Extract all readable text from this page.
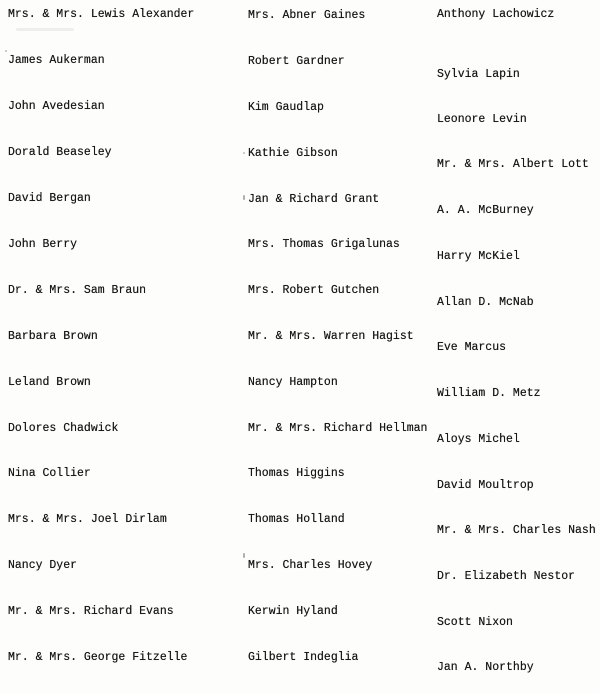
Mrs. & Mrs. Lewis Alexander
James Aukerman
John Avedesian
Dorald Beaseley
David Bergan
John Berry
Dr. & Mrs. Sam Braun
Barbara Brown
Leland Brown
Dolores Chadwick
Nina Collier
Mrs. & Mrs. Joel Dirlam
Nancy Dyer
Mr. & Mrs. Richard Evans
Mr. & Mrs. George Fitzelle
Mrs. Abner Gaines
Robert Gardner
Kim Gaudlap
Kathie Gibson
Jan & Richard Grant
Mrs. Thomas Grigalunas
Mrs. Robert Gutchen
Mr. & Mrs. Warren Hagist
Nancy Hampton
Mr. & Mrs. Richard Hellman
Thomas Higgins
Thomas Holland
Mrs. Charles Hovey
Kerwin Hyland
Gilbert Indeglia
Anthony Lachowicz
Sylvia Lapin
Leonore Levin
Mr. & Mrs. Albert Lott
A. A. McBurney
Harry McKiel
Allan D. McNab
Eve Marcus
William D. Metz
Aloys Michel
David Moultrop
Mr. & Mrs. Charles Nash
Dr. Elizabeth Nestor
Scott Nixon
Jan A. Northby
